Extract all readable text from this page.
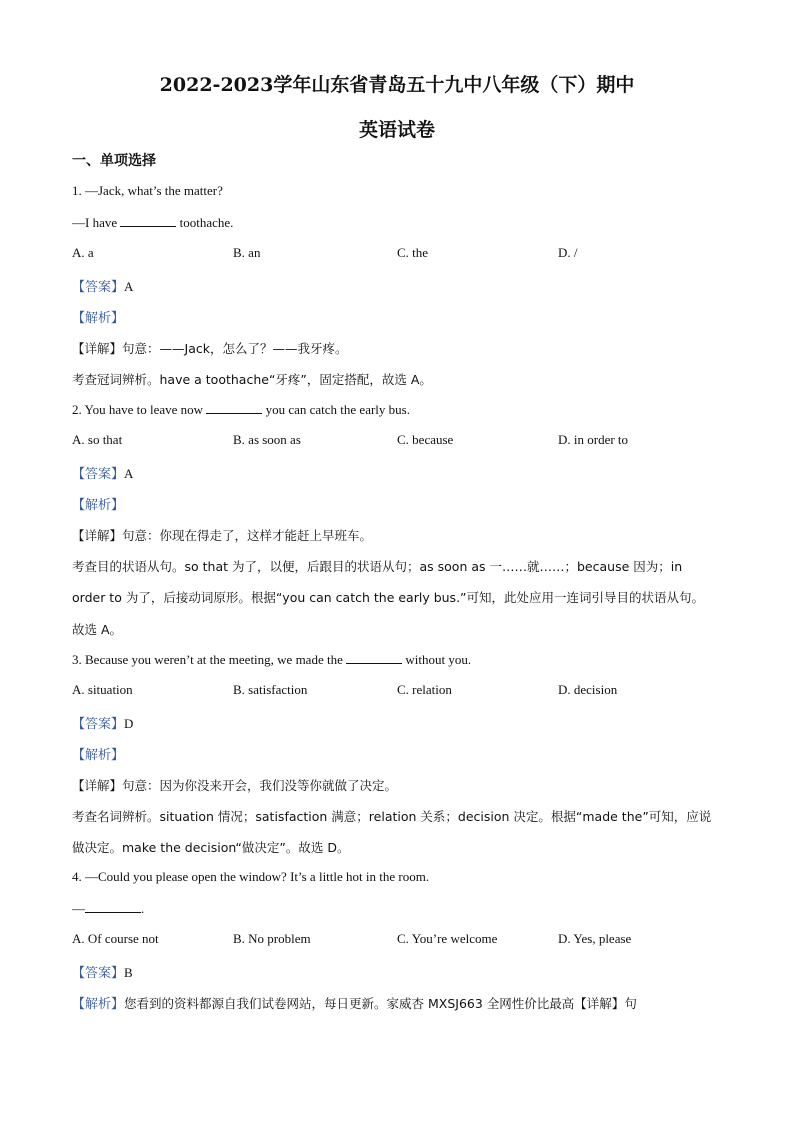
2022-2023学年山东省青岛五十九中八年级（下）期中
英语试卷
一、单项选择
1. —Jack, what’s the matter?
—I have	toothache.
A. a	B. an	C. the	D. /
【答案】A
【解析】
【详解】句意：——Jack，怎么了？——我牙疼。
考查冠词辨析。have a toothache“牙疼”，固定搭配，故选 A。
2. You have to leave now	you can catch the early bus.
A. so that	B. as soon as	C. because	D. in order to
【答案】A
【解析】
【详解】句意：你现在得走了，这样才能赶上早班车。
考查目的状语从句。so that 为了，以便，后跟目的状语从句；as soon as 一……就……；because 因为；in
order to 为了，后接动词原形。根据“you can catch the early bus.”可知，此处应用一连词引导目的状语从句。
故选 A。
3. Because you weren’t at the meeting, we made the	without you.
A. situation	B. satisfaction	C. relation	D. decision
【答案】D
【解析】
【详解】句意：因为你没来开会，我们没等你就做了决定。
考查名词辨析。situation 情况；satisfaction 满意；relation 关系；decision 决定。根据“made the”可知，应说
做决定。make the decision“做决定”。故选 D。
4. —Could you please open the window? It’s a little hot in the room.
—	.
A. Of course not	B. No problem	C. You’re welcome	D. Yes, please
【答案】B
【解析】您看到的资料都源自我们试卷网站，每日更新。家威杏 MXSJ663 全网性价比最高【详解】句
